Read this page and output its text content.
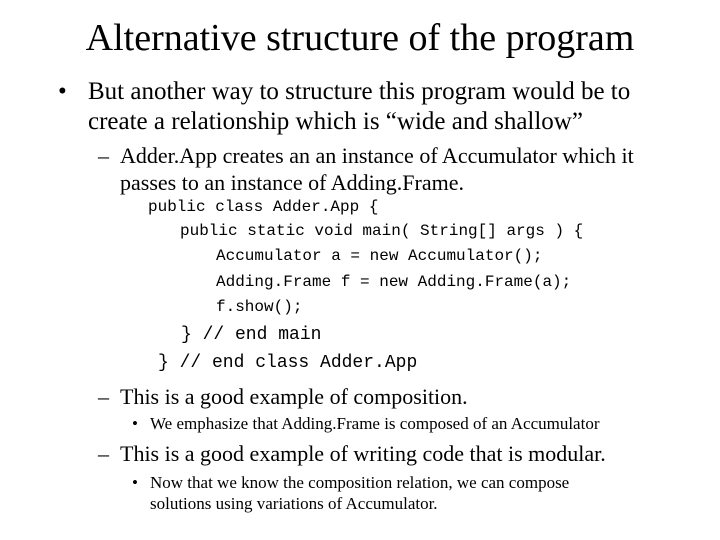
Alternative structure of the program
• But another way to structure this program would be to
create a relationship which is “wide and shallow”
– Adder.App creates an an instance of Accumulator which it
passes to an instance of Adding.Frame.
public class Adder.App {
public static void main( String[] args ) {
Accumulator a = new Accumulator();
Adding.Frame f = new Adding.Frame(a);
f.show();
} // end main
} // end class Adder.App
– This is a good example of composition.
• We emphasize that Adding.Frame is composed of an Accumulator
– This is a good example of writing code that is modular.
• Now that we know the composition relation, we can compose
solutions using variations of Accumulator.
